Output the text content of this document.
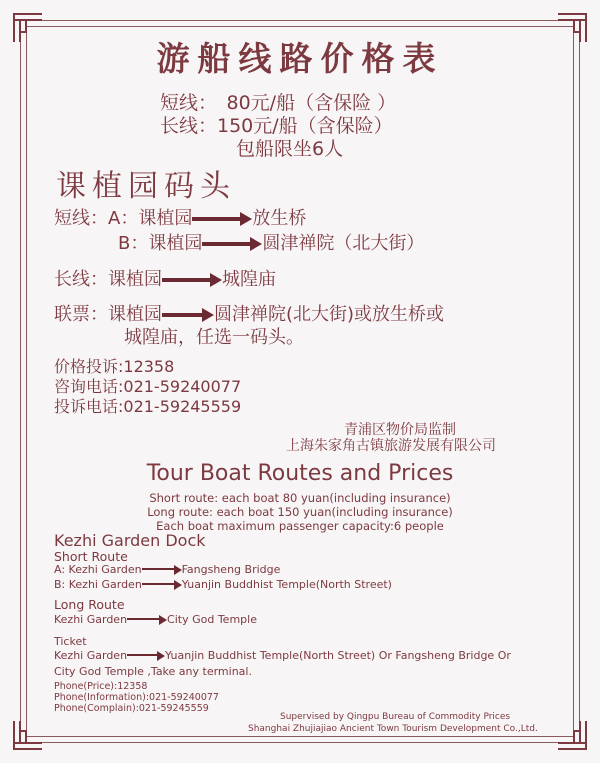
游船线路价格表
短线：　80元/船（含保险 ）
长线：150元/船（含保险）
包船限坐6人
课植园码头
短线：A：课植园	放生桥
B：课植园	圆津禅院（北大街）
长线：课植园	城隍庙
联票：课植园	圆津禅院(北大街)或放生桥或
城隍庙，任选一码头。
价格投诉:12358
咨询电话:021-59240077
投诉电话:021-59245559
青浦区物价局监制
上海朱家角古镇旅游发展有限公司
Tour Boat Routes and Prices
Short route: each boat 80 yuan(including insurance)
Long route: each boat 150 yuan(including insurance)
Each boat maximum passenger capacity:6 people
Kezhi Garden Dock
Short Route
A: Kezhi Garden	Fangsheng Bridge
B: Kezhi Garden	Yuanjin Buddhist Temple(North Street)
Long Route
Kezhi Garden	City God Temple
Ticket
Kezhi Garden	Yuanjin Buddhist Temple(North Street) Or Fangsheng Bridge Or
City God Temple ,Take any terminal.
Phone(Price):12358
Phone(Information):021-59240077
Phone(Complain):021-59245559
Supervised by Qingpu Bureau of Commodity Prices
Shanghai Zhujiajiao Ancient Town Tourism Development Co.,Ltd.
